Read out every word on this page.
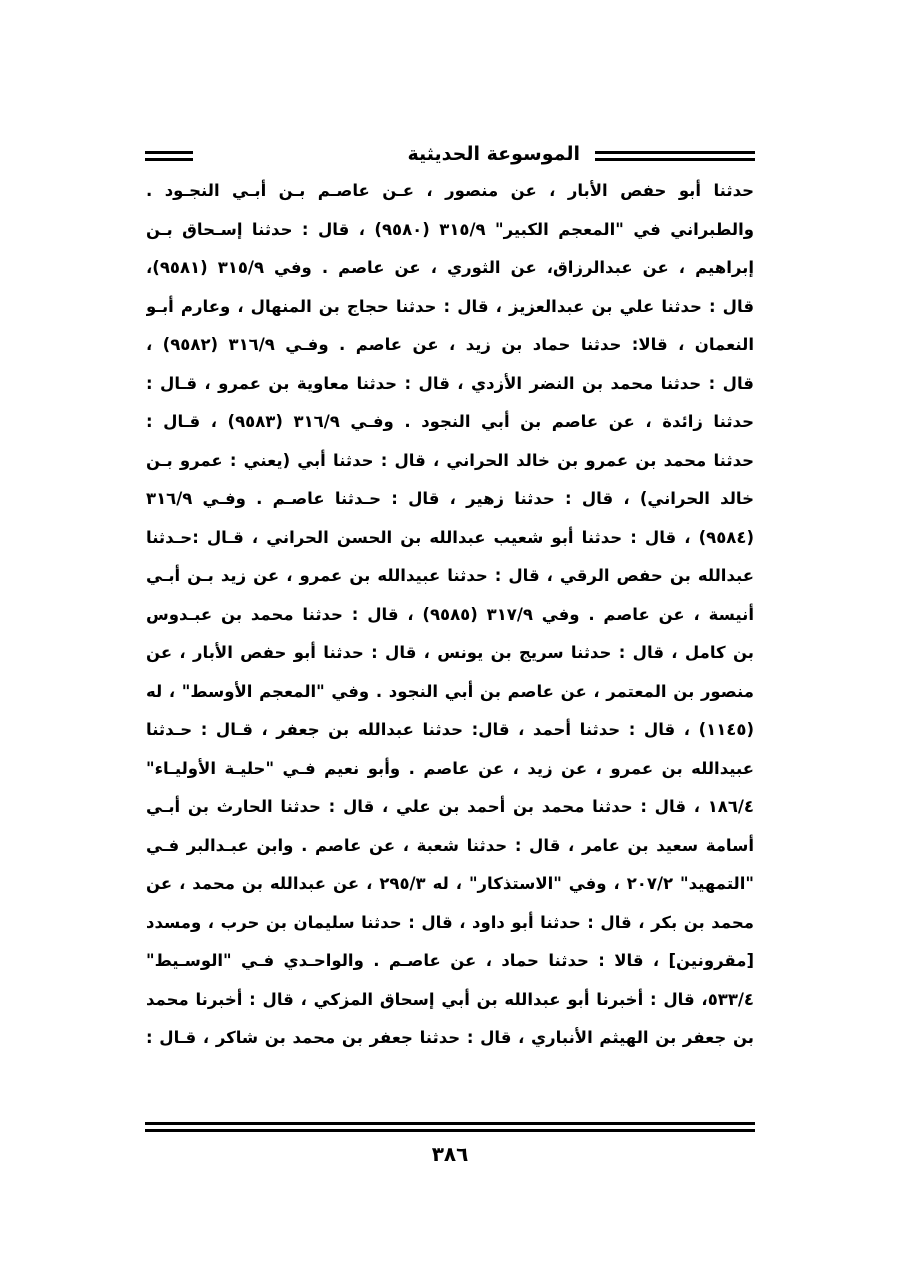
الموسوعة الحديثية
حدثنا أبو حفص الأبار ، عن منصور ، عـن عاصـم بـن أبـي النجـود .
والطبراني في "المعجم الكبير" ٣١٥/٩ (٩٥٨٠) ، قال : حدثنا إسـحاق بـن
إبراهيم ، عن عبدالرزاق، عن الثوري ، عن عاصم . وفي ٣١٥/٩ (٩٥٨١)،
قال : حدثنا علي بن عبدالعزيز ، قال : حدثنا حجاج بن المنهال ، وعارم أبـو
النعمان ، قالا: حدثنا حماد بن زيد ، عن عاصم . وفـي ٣١٦/٩ (٩٥٨٢) ،
قال : حدثنا محمد بن النضر الأزدي ، قال : حدثنا معاوية بن عمرو ، قـال :
حدثنا زائدة ، عن عاصم بن أبي النجود . وفـي ٣١٦/٩ (٩٥٨٣) ، قـال :
حدثنا محمد بن عمرو بن خالد الحراني ، قال : حدثنا أبي (يعني : عمرو بـن
خالد الحراني) ، قال : حدثنا زهير ، قال : حـدثنا عاصـم . وفـي ٣١٦/٩
(٩٥٨٤) ، قال : حدثنا أبو شعيب عبدالله بن الحسن الحراني ، قـال :حـدثنا
عبدالله بن حفص الرقي ، قال : حدثنا عبيدالله بن عمرو ، عن زيد بـن أبـي
أنيسة ، عن عاصم . وفي ٣١٧/٩ (٩٥٨٥) ، قال : حدثنا محمد بن عبـدوس
بن كامل ، قال : حدثنا سريج بن يونس ، قال : حدثنا أبو حفص الأبار ، عن
منصور بن المعتمر ، عن عاصم بن أبي النجود . وفي "المعجم الأوسط" ، له
(١١٤٥) ، قال : حدثنا أحمد ، قال: حدثنا عبدالله بن جعفر ، قـال : حـدثنا
عبيدالله بن عمرو ، عن زيد ، عن عاصم . وأبو نعيم فـي "حليـة الأوليـاء"
١٨٦/٤ ، قال : حدثنا محمد بن أحمد بن علي ، قال : حدثنا الحارث بن أبـي
أسامة سعيد بن عامر ، قال : حدثنا شعبة ، عن عاصم . وابن عبـدالبر فـي
"التمهيد" ٢٠٧/٢ ، وفي "الاستذكار" ، له ٢٩٥/٣ ، عن عبدالله بن محمد ، عن
محمد بن بكر ، قال : حدثنا أبو داود ، قال : حدثنا سليمان بن حرب ، ومسدد
[مقرونين] ، قالا : حدثنا حماد ، عن عاصـم . والواحـدي فـي "الوسـيط"
٥٣٣/٤، قال : أخبرنا أبو عبدالله بن أبي إسحاق المزكي ، قال : أخبرنا محمد
بن جعفر بن الهيثم الأنباري ، قال : حدثنا جعفر بن محمد بن شاكر ، قـال :
٣٨٦
